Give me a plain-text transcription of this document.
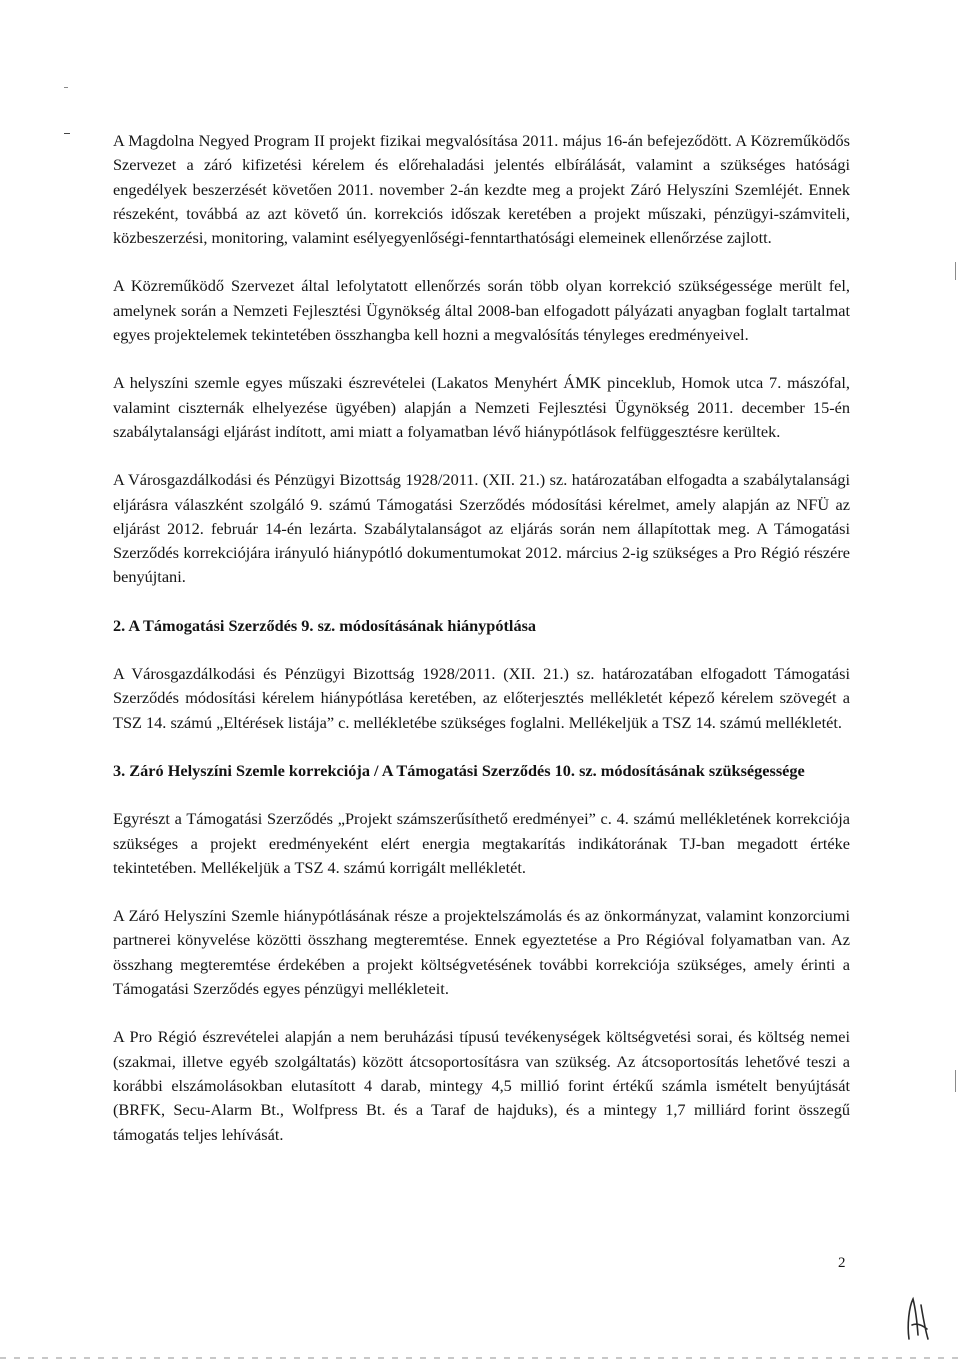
A Magdolna Negyed Program II projekt fizikai megvalósítása 2011. május 16-án befejeződött. A Közreműködős Szervezet a záró kifizetési kérelem és előrehaladási jelentés elbírálását, valamint a szükséges hatósági engedélyek beszerzését követően 2011. november 2-án kezdte meg a projekt Záró Helyszíni Szemléjét. Ennek részeként, továbbá az azt követő ún. korrekciós időszak keretében a projekt műszaki, pénzügyi-számviteli, közbeszerzési, monitoring, valamint esélyegyenlőségi-fenntarthatósági elemeinek ellenőrzése zajlott.

A Közreműködő Szervezet által lefolytatott ellenőrzés során több olyan korrekció szükségessége merült fel, amelynek során a Nemzeti Fejlesztési Ügynökség által 2008-ban elfogadott pályázati anyagban foglalt tartalmat egyes projektelemek tekintetében összhangba kell hozni a megvalósítás tényleges eredményeivel.

A helyszíni szemle egyes műszaki észrevételei (Lakatos Menyhért ÁMK pinceklub, Homok utca 7. mászófal, valamint ciszternák elhelyezése ügyében) alapján a Nemzeti Fejlesztési Ügynökség 2011. december 15-én szabálytalansági eljárást indított, ami miatt a folyamatban lévő hiánypótlások felfüggesztésre kerültek.

A Városgazdálkodási és Pénzügyi Bizottság 1928/2011. (XII. 21.) sz. határozatában elfogadta a szabálytalansági eljárásra válaszként szolgáló 9. számú Támogatási Szerződés módosítási kérelmet, amely alapján az NFÜ az eljárást 2012. február 14-én lezárta. Szabálytalanságot az eljárás során nem állapítottak meg. A Támogatási Szerződés korrekciójára irányuló hiánypótló dokumentumokat 2012. március 2-ig szükséges a Pro Régió részére benyújtani.

2. A Támogatási Szerződés 9. sz. módosításának hiánypótlása

A Városgazdálkodási és Pénzügyi Bizottság 1928/2011. (XII. 21.) sz. határozatában elfogadott Támogatási Szerződés módosítási kérelem hiánypótlása keretében, az előterjesztés mellékletét képező kérelem szövegét a TSZ 14. számú „Eltérések listája” c. mellékletébe szükséges foglalni. Mellékeljük a TSZ 14. számú mellékletét.

3. Záró Helyszíni Szemle korrekciója / A Támogatási Szerződés 10. sz. módosításának szükségessége

Egyrészt a Támogatási Szerződés „Projekt számszerűsíthető eredményei” c. 4. számú mellékletének korrekciója szükséges a projekt eredményeként elért energia megtakarítás indikátorának TJ-ban megadott értéke tekintetében. Mellékeljük a TSZ 4. számú korrigált mellékletét.

A Záró Helyszíni Szemle hiánypótlásának része a projektelszámolás és az önkormányzat, valamint konzorciumi partnerei könyvelése közötti összhang megteremtése. Ennek egyeztetése a Pro Régióval folyamatban van. Az összhang megteremtése érdekében a projekt költségvetésének további korrekciója szükséges, amely érinti a Támogatási Szerződés egyes pénzügyi mellékleteit.

A Pro Régió észrevételei alapján a nem beruházási típusú tevékenységek költségvetési sorai, és költség nemei (szakmai, illetve egyéb szolgáltatás) között átcsoportosításra van szükség. Az átcsoportosítás lehetővé teszi a korábbi elszámolásokban elutasított 4 darab, mintegy 4,5 millió forint értékű számla ismételt benyújtását (BRFK, Secu-Alarm Bt., Wolfpress Bt. és a Taraf de hajduks), és a mintegy 1,7 milliárd forint összegű támogatás teljes lehívását.

2
